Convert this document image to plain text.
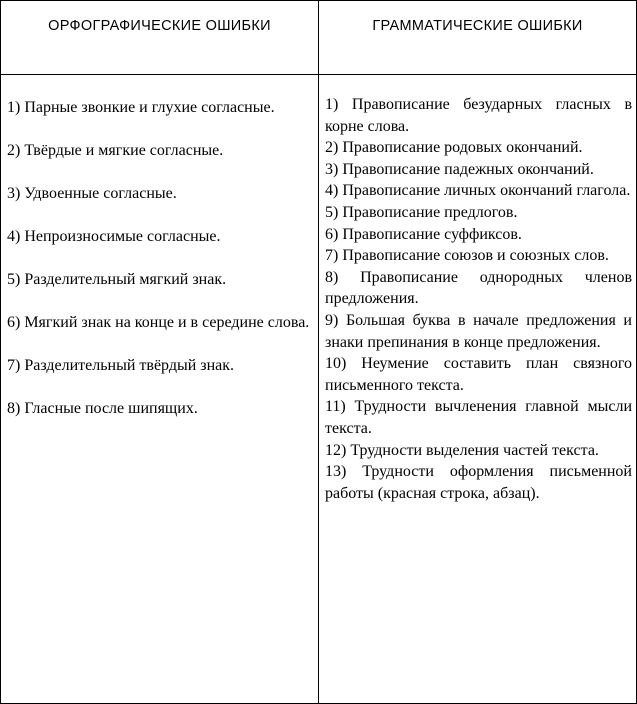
ОРФОГРАФИЧЕСКИЕ ОШИБКИ	ГРАММАТИЧЕСКИЕ ОШИБКИ

1) Парные звонкие и глухие согласные.

2) Твёрдые и мягкие согласные.

3) Удвоенные согласные.

4) Непроизносимые согласные.

5) Разделительный мягкий знак.

6) Мягкий знак на конце и в середине слова.

7) Разделительный твёрдый знак.

8) Гласные после шипящих.

1) Правописание безударных гласных в корне слова.

2) Правописание родовых окончаний.

3) Правописание падежных окончаний.

4) Правописание личных окончаний глагола.

5) Правописание предлогов.

6) Правописание суффиксов.

7) Правописание союзов и союзных слов.

8) Правописание однородных членов предложения.

9) Большая буква в начале предложения и знаки препинания в конце предложения.

10) Неумение составить план связного письменного текста.

11) Трудности вычленения главной мысли текста.

12) Трудности выделения частей текста.

13) Трудности оформления письменной работы (красная строка, абзац).
